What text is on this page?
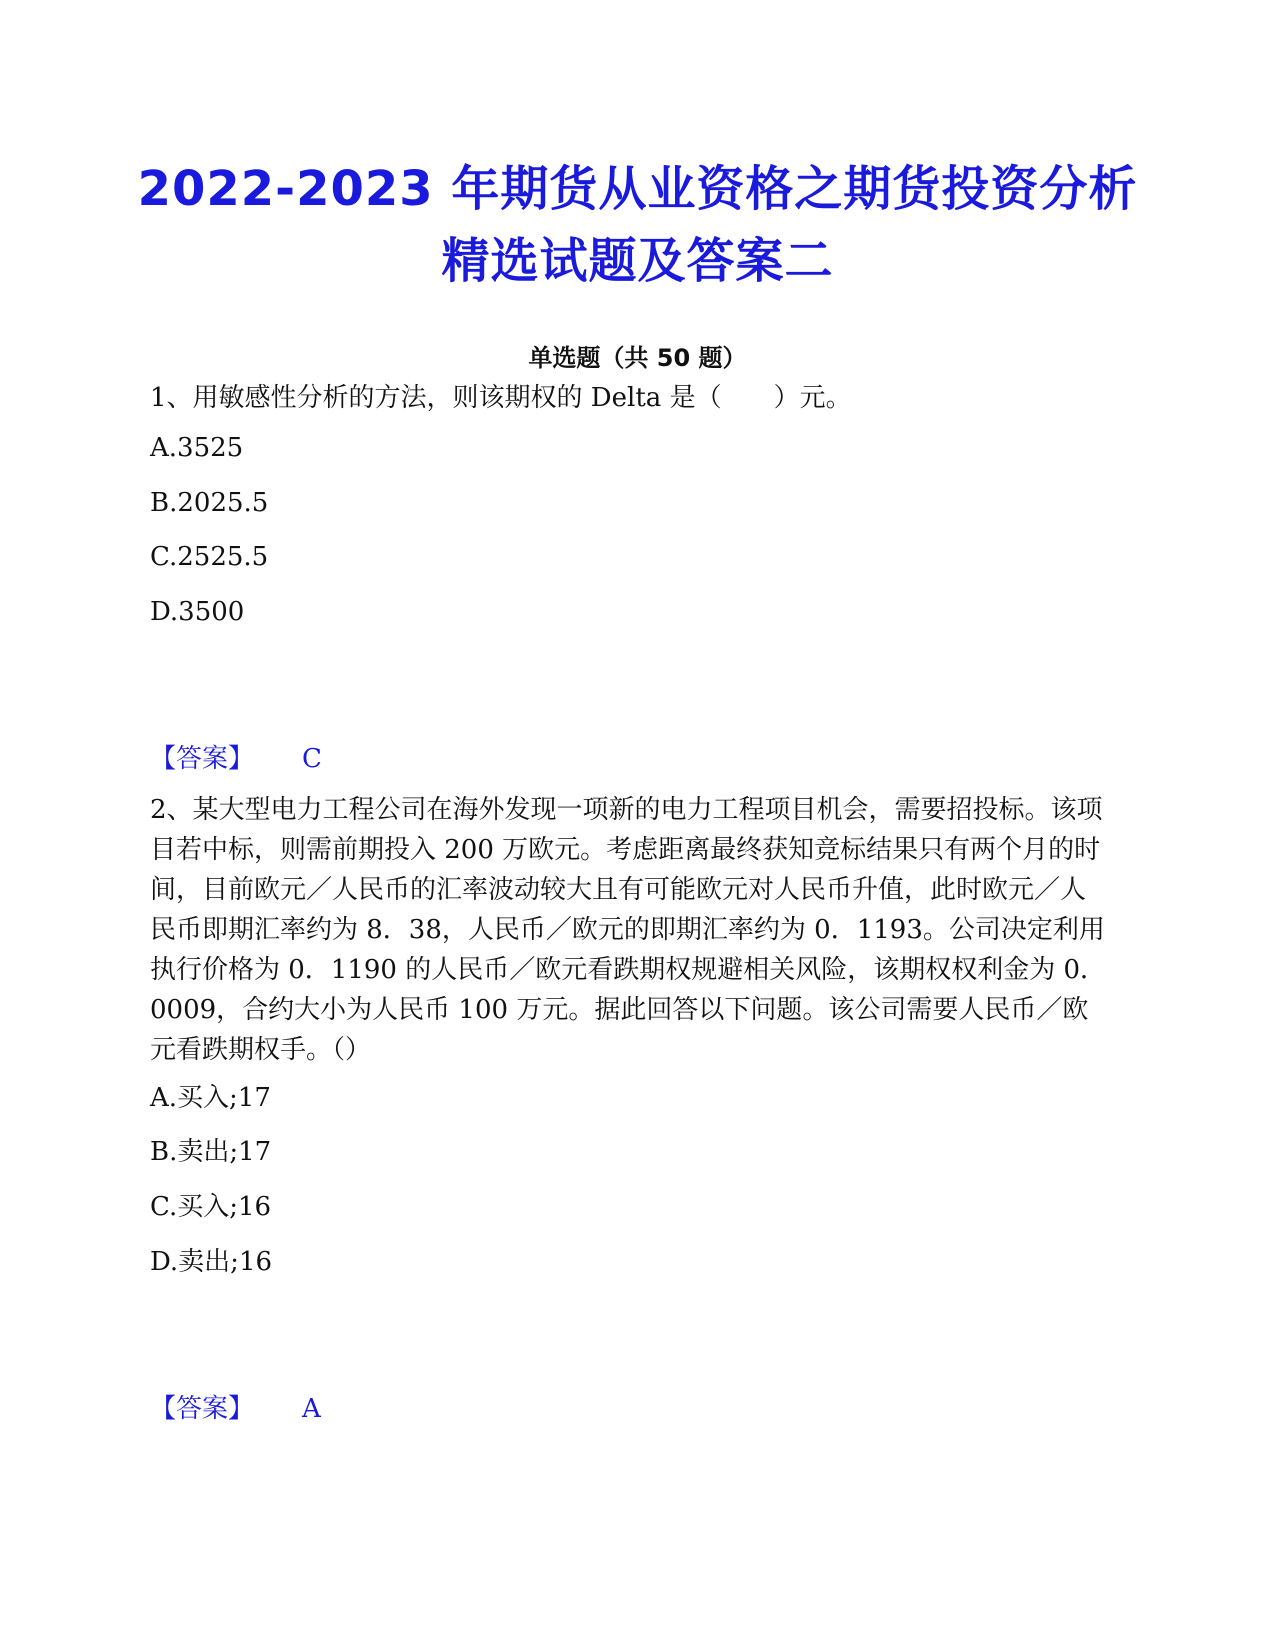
2022-2023 年期货从业资格之期货投资分析
精选试题及答案二
单选题（共 50 题）
1、用敏感性分析的方法，则该期权的 Delta 是（　　）元。
A.3525
B.2025.5
C.2525.5
D.3500
【答案】 C
2、某大型电力工程公司在海外发现一项新的电力工程项目机会，需要招投标。该项目若中标，则需前期投入 200 万欧元。考虑距离最终获知竞标结果只有两个月的时间，目前欧元／人民币的汇率波动较大且有可能欧元对人民币升值，此时欧元／人民币即期汇率约为 8．38，人民币／欧元的即期汇率约为 0．1193。公司决定利用执行价格为 0．1190 的人民币／欧元看跌期权规避相关风险，该期权权利金为 0．0009，合约大小为人民币 100 万元。据此回答以下问题。该公司需要人民币／欧元看跌期权手。（）
A.买入;17
B.卖出;17
C.买入;16
D.卖出;16
【答案】 A
